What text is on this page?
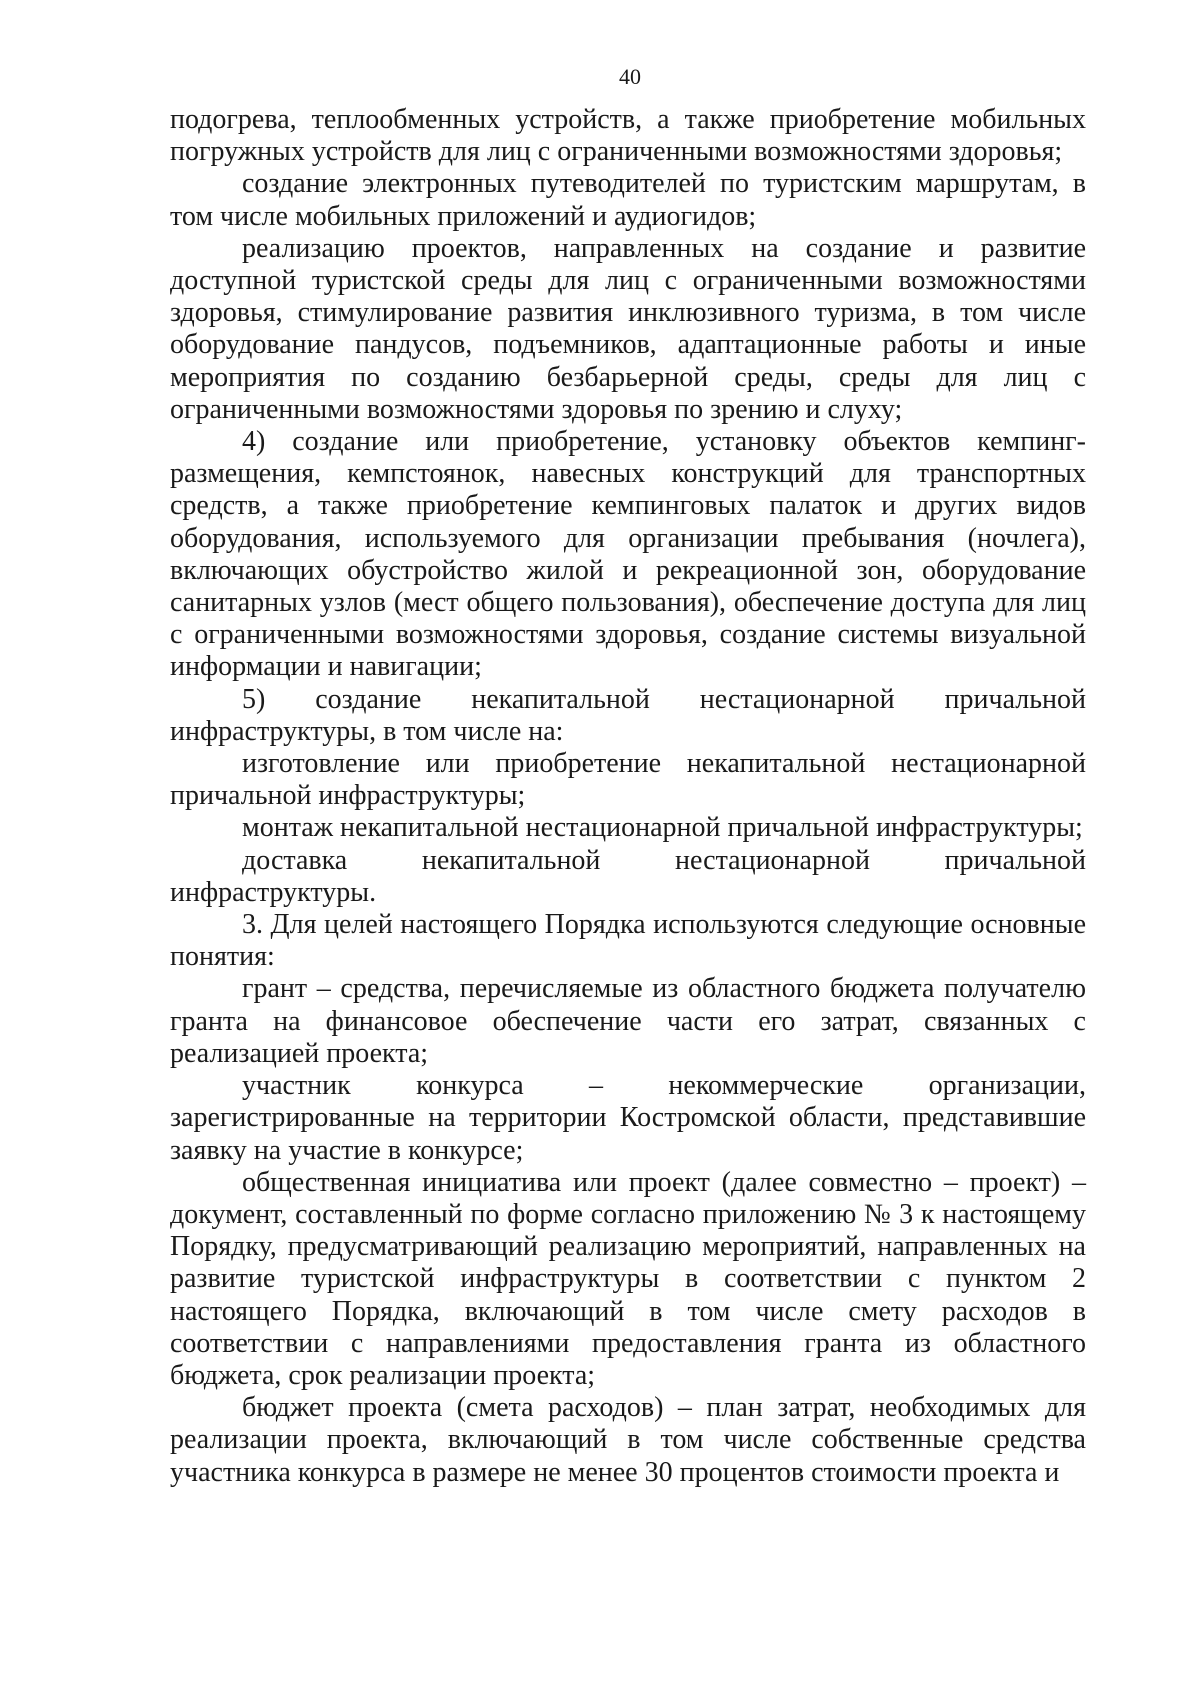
40

подогрева, теплообменных устройств, а также приобретение мобильных погружных устройств для лиц с ограниченными возможностями здоровья;

создание электронных путеводителей по туристским маршрутам, в том числе мобильных приложений и аудиогидов;

реализацию проектов, направленных на создание и развитие доступной туристской среды для лиц с ограниченными возможностями здоровья, стимулирование развития инклюзивного туризма, в том числе оборудование пандусов, подъемников, адаптационные работы и иные мероприятия по созданию безбарьерной среды, среды для лиц с ограниченными возможностями здоровья по зрению и слуху;

4) создание или приобретение, установку объектов кемпинг-размещения, кемпстоянок, навесных конструкций для транспортных средств, а также приобретение кемпинговых палаток и других видов оборудования, используемого для организации пребывания (ночлега), включающих обустройство жилой и рекреационной зон, оборудование санитарных узлов (мест общего пользования), обеспечение доступа для лиц с ограниченными возможностями здоровья, создание системы визуальной информации и навигации;

5) создание некапитальной нестационарной причальной инфраструктуры, в том числе на:

изготовление или приобретение некапитальной нестационарной причальной инфраструктуры;

монтаж некапитальной нестационарной причальной инфраструктуры;

доставка некапитальной нестационарной причальной инфраструктуры.

3. Для целей настоящего Порядка используются следующие основные понятия:

грант – средства, перечисляемые из областного бюджета получателю гранта на финансовое обеспечение части его затрат, связанных с реализацией проекта;

участник конкурса – некоммерческие организации, зарегистрированные на территории Костромской области, представившие заявку на участие в конкурсе;

общественная инициатива или проект (далее совместно – проект) – документ, составленный по форме согласно приложению № 3 к настоящему Порядку, предусматривающий реализацию мероприятий, направленных на развитие туристской инфраструктуры в соответствии с пунктом 2 настоящего Порядка, включающий в том числе смету расходов в соответствии с направлениями предоставления гранта из областного бюджета, срок реализации проекта;

бюджет проекта (смета расходов) – план затрат, необходимых для реализации проекта, включающий в том числе собственные средства участника конкурса в размере не менее 30 процентов стоимости проекта и
